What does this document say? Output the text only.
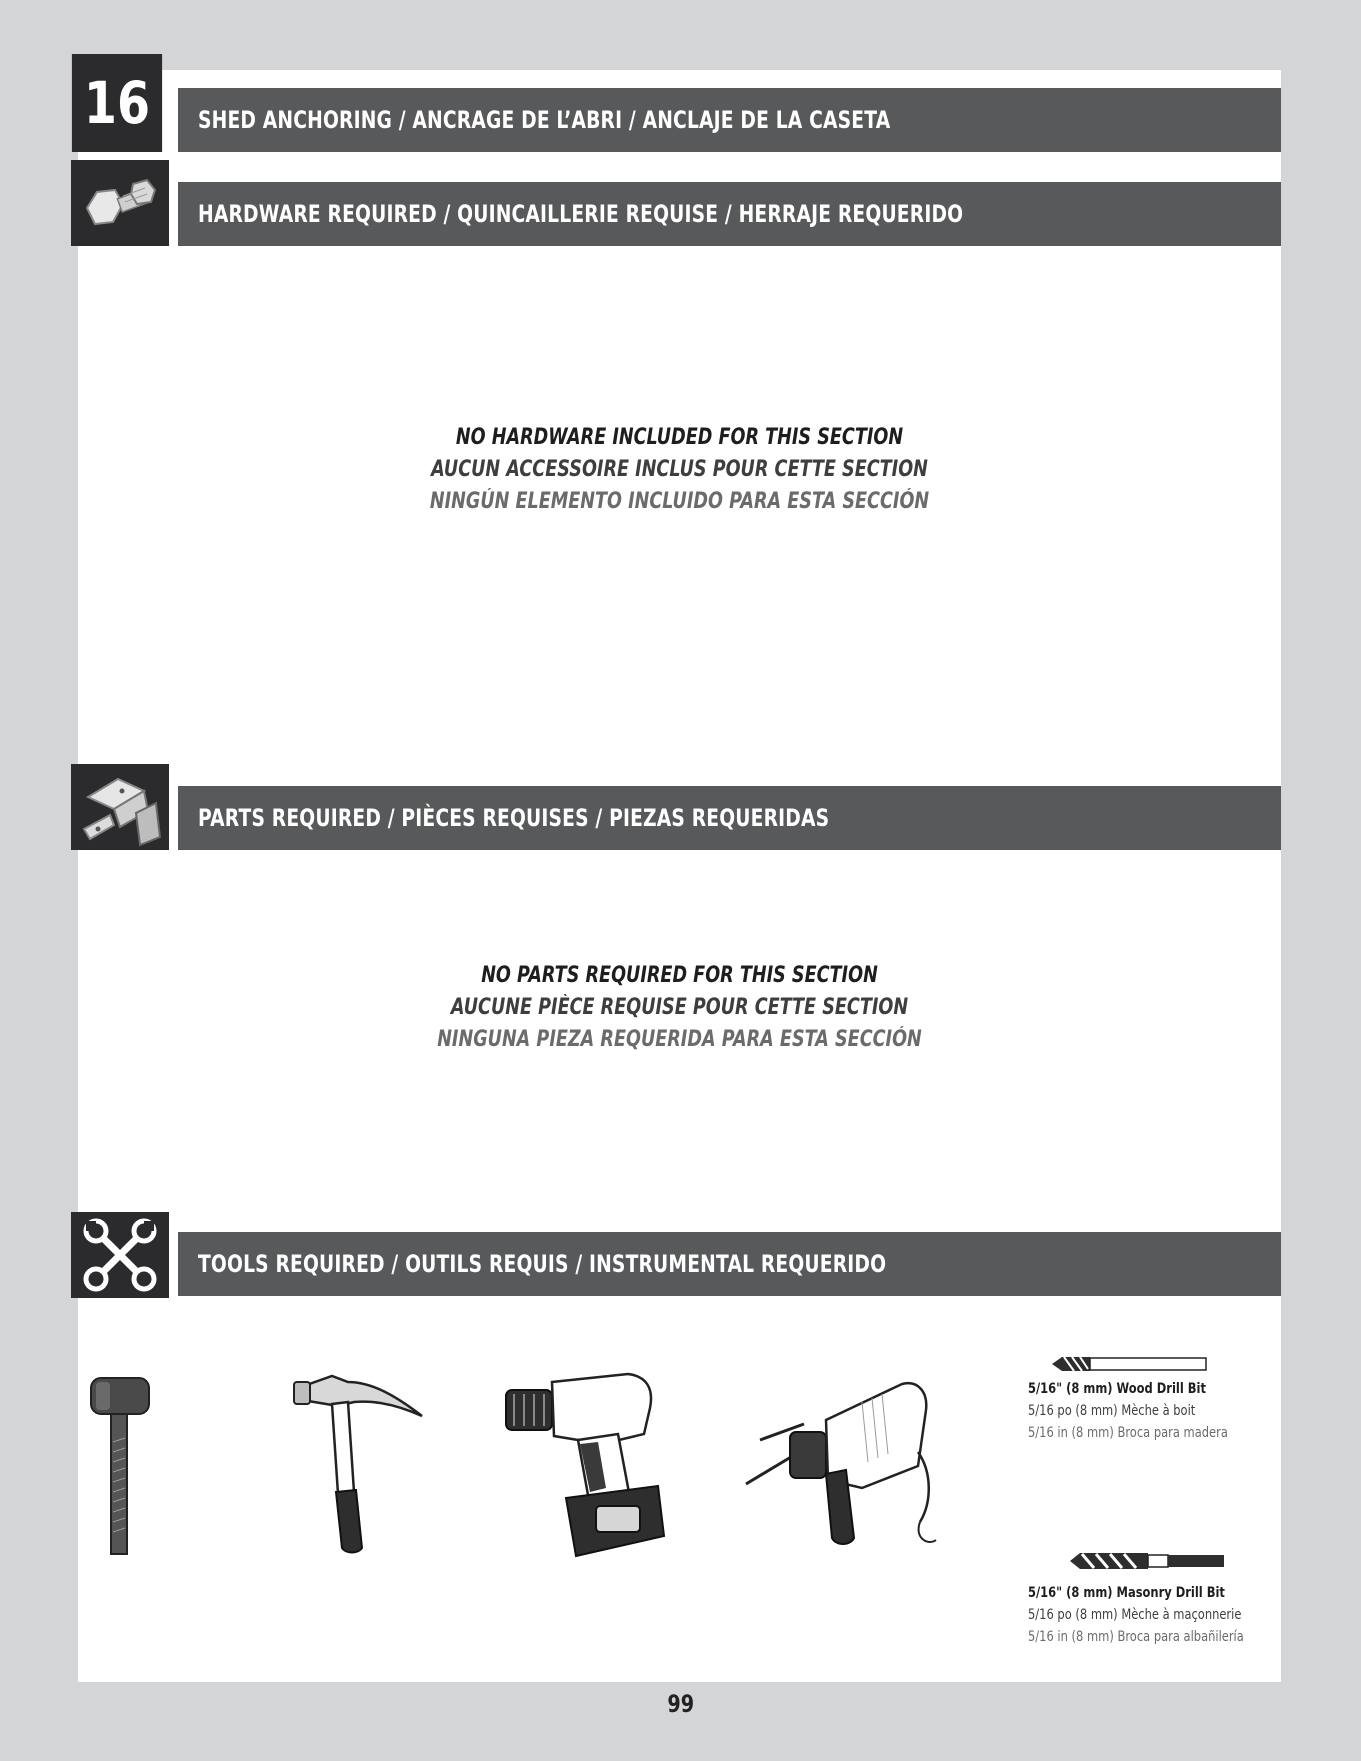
16	SHED ANCHORING / ANCRAGE DE L’ABRI / ANCLAJE DE LA CASETA
HARDWARE REQUIRED / QUINCAILLERIE REQUISE / HERRAJE REQUERIDO
NO HARDWARE INCLUDED FOR THIS SECTION
AUCUN ACCESSOIRE INCLUS POUR CETTE SECTION
NINGÚN ELEMENTO INCLUIDO PARA ESTA SECCIÓN
PARTS REQUIRED / PIÈCES REQUISES / PIEZAS REQUERIDAS
NO PARTS REQUIRED FOR THIS SECTION
AUCUNE PIÈCE REQUISE POUR CETTE SECTION
NINGUNA PIEZA REQUERIDA PARA ESTA SECCIÓN
TOOLS REQUIRED / OUTILS REQUIS / INSTRUMENTAL REQUERIDO
5/16" (8 mm) Wood Drill Bit
5/16 po (8 mm) Mèche à boit
5/16 in (8 mm) Broca para madera
5/16" (8 mm) Masonry Drill Bit
5/16 po (8 mm) Mèche à maçonnerie
5/16 in (8 mm) Broca para albañilería
99
